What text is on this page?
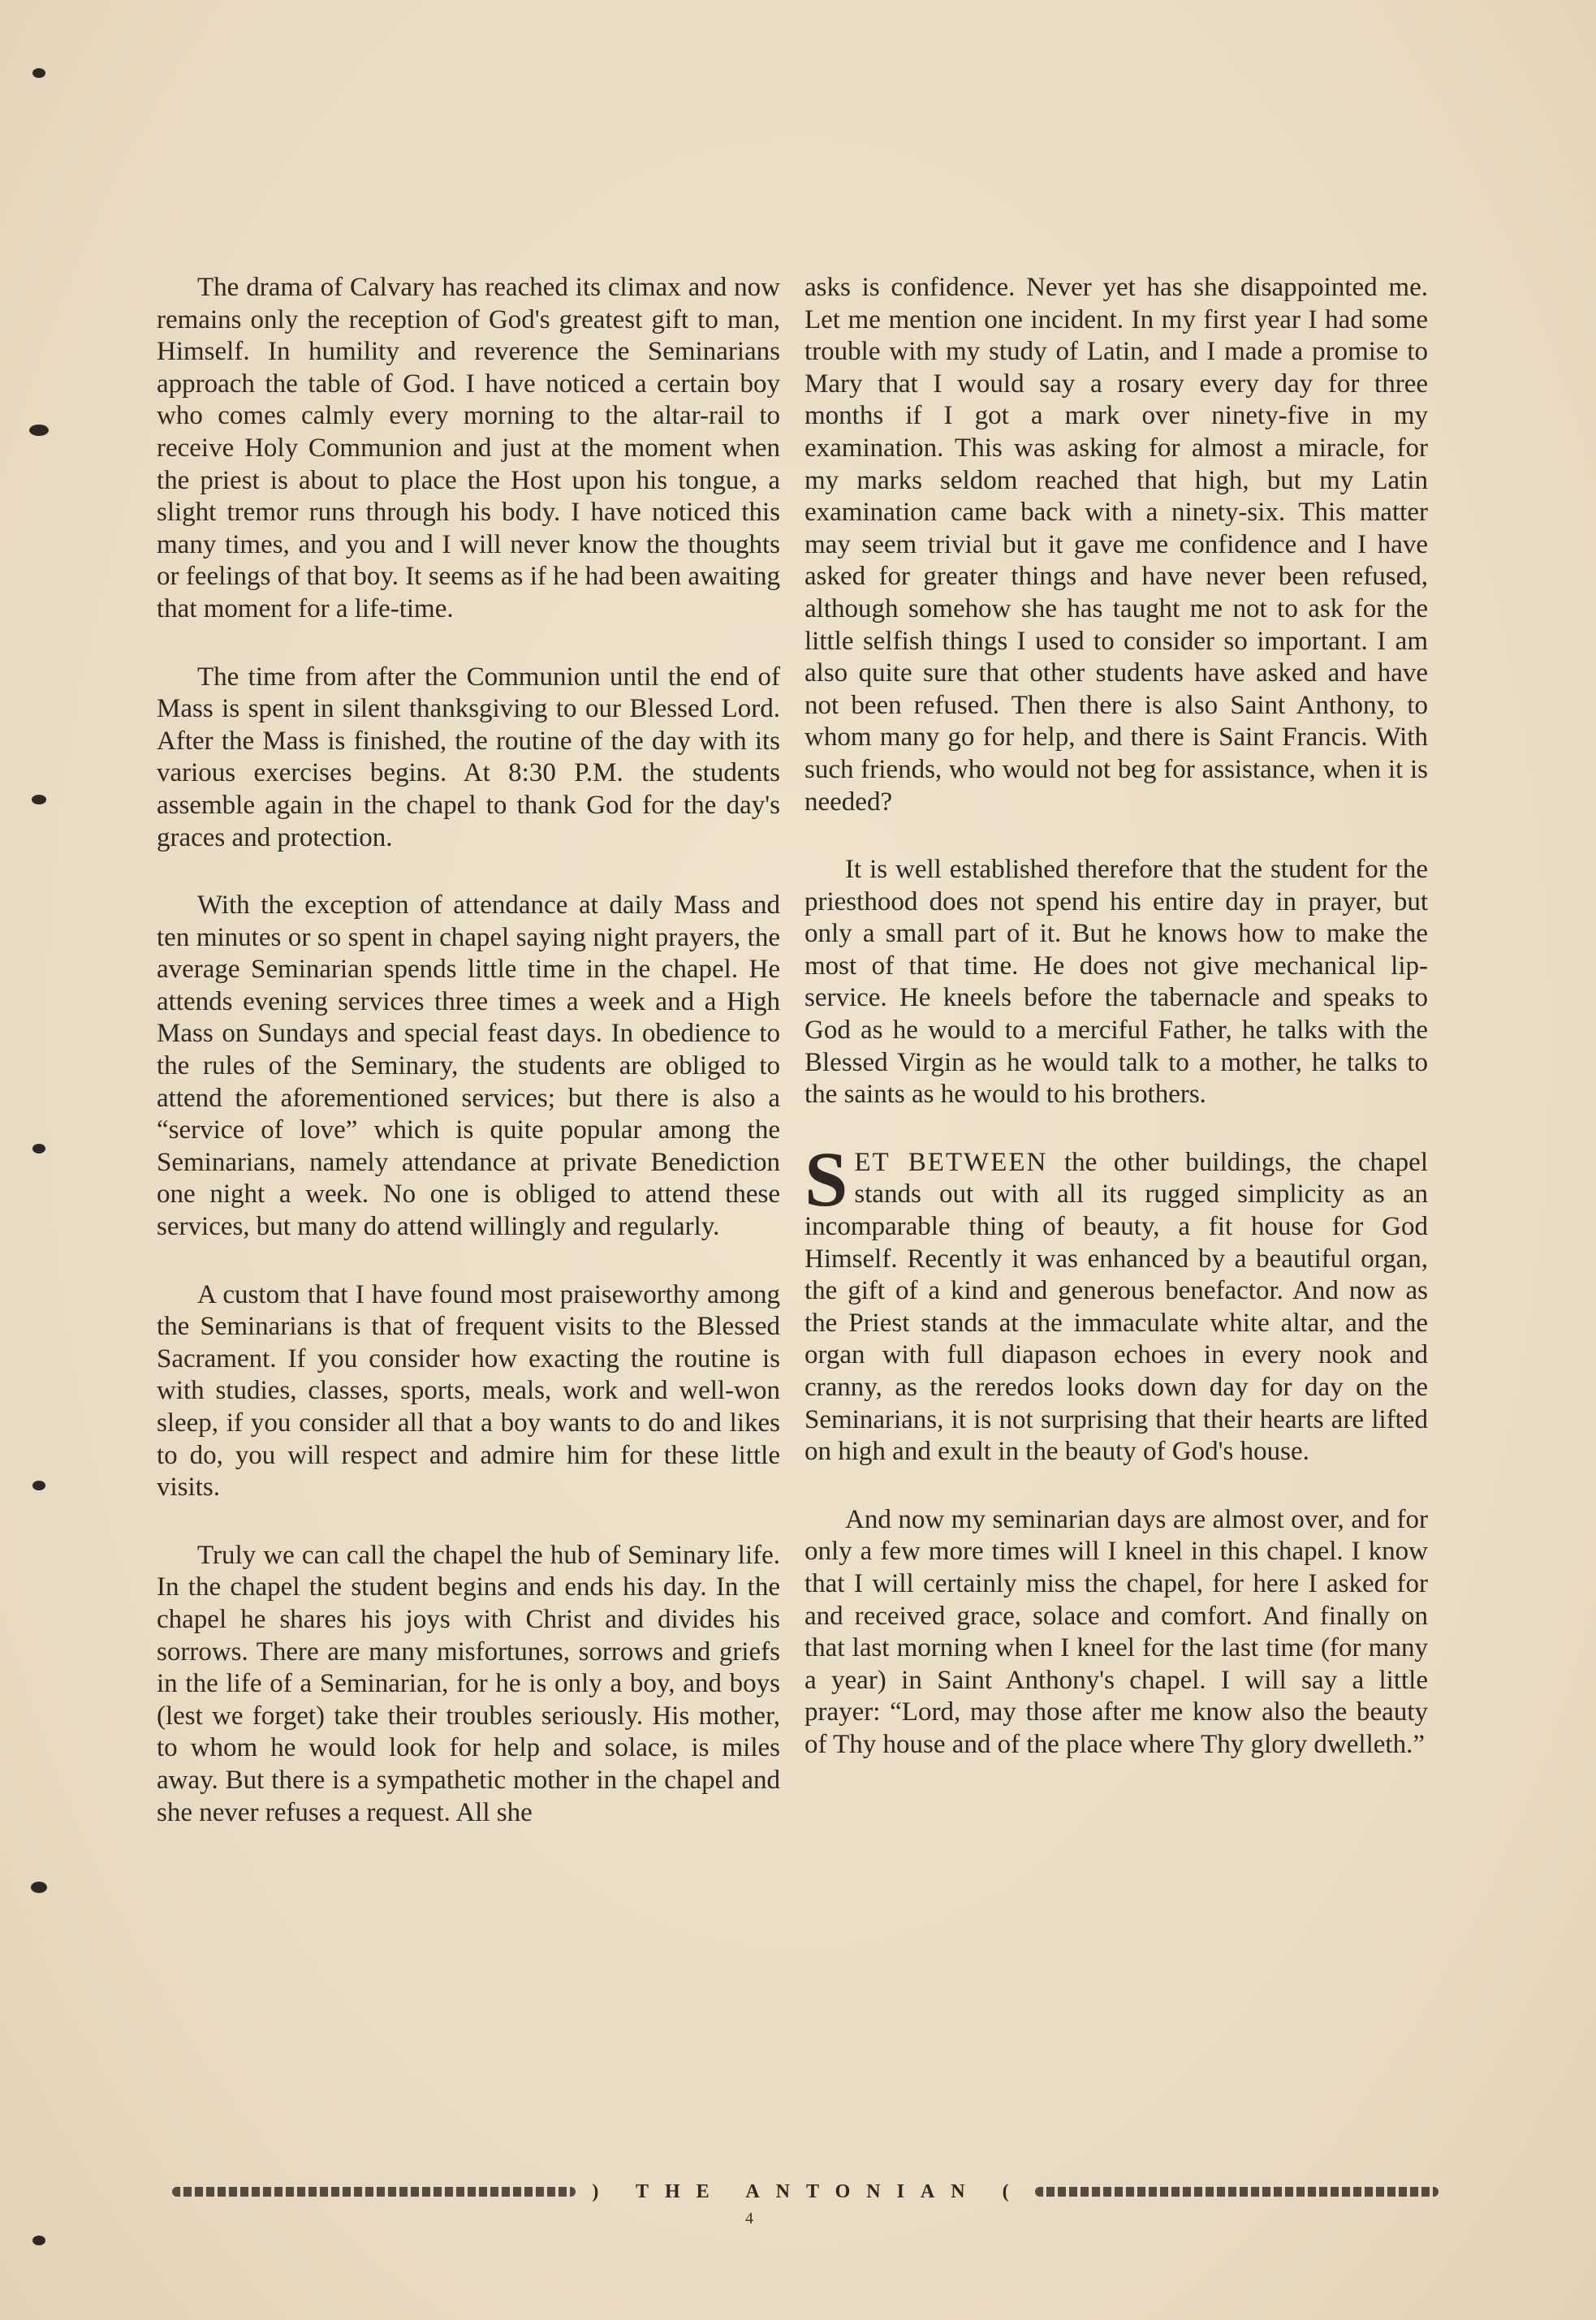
The drama of Calvary has reached its climax and now remains only the reception of God's greatest gift to man, Himself. In humility and reverence the Seminarians approach the table of God. I have noticed a certain boy who comes calmly every morning to the altar-rail to receive Holy Communion and just at the moment when the priest is about to place the Host upon his tongue, a slight tremor runs through his body. I have noticed this many times, and you and I will never know the thoughts or feelings of that boy. It seems as if he had been awaiting that moment for a life-time.

The time from after the Communion until the end of Mass is spent in silent thanksgiving to our Blessed Lord. After the Mass is finished, the routine of the day with its various exercises begins. At 8:30 P.M. the students assemble again in the chapel to thank God for the day's graces and protection.

With the exception of attendance at daily Mass and ten minutes or so spent in chapel saying night prayers, the average Seminarian spends little time in the chapel. He attends evening services three times a week and a High Mass on Sundays and special feast days. In obedience to the rules of the Seminary, the students are obliged to attend the aforementioned services; but there is also a “service of love” which is quite popular among the Seminarians, namely attendance at private Benediction one night a week. No one is obliged to attend these services, but many do attend willingly and regularly.

A custom that I have found most praiseworthy among the Seminarians is that of frequent visits to the Blessed Sacrament. If you consider how exacting the routine is with studies, classes, sports, meals, work and well-won sleep, if you consider all that a boy wants to do and likes to do, you will respect and admire him for these little visits.

Truly we can call the chapel the hub of Seminary life. In the chapel the student begins and ends his day. In the chapel he shares his joys with Christ and divides his sorrows. There are many misfortunes, sorrows and griefs in the life of a Seminarian, for he is only a boy, and boys (lest we forget) take their troubles seriously. His mother, to whom he would look for help and solace, is miles away. But there is a sympathetic mother in the chapel and she never refuses a request. All she

asks is confidence. Never yet has she disappointed me. Let me mention one incident. In my first year I had some trouble with my study of Latin, and I made a promise to Mary that I would say a rosary every day for three months if I got a mark over ninety-five in my examination. This was asking for almost a miracle, for my marks seldom reached that high, but my Latin examination came back with a ninety-six. This matter may seem trivial but it gave me confidence and I have asked for greater things and have never been refused, although somehow she has taught me not to ask for the little selfish things I used to consider so important. I am also quite sure that other students have asked and have not been refused. Then there is also Saint Anthony, to whom many go for help, and there is Saint Francis. With such friends, who would not beg for assistance, when it is needed?

It is well established therefore that the student for the priesthood does not spend his entire day in prayer, but only a small part of it. But he knows how to make the most of that time. He does not give mechanical lip-service. He kneels before the tabernacle and speaks to God as he would to a merciful Father, he talks with the Blessed Virgin as he would talk to a mother, he talks to the saints as he would to his brothers.

SET BETWEEN the other buildings, the chapel stands out with all its rugged simplicity as an incomparable thing of beauty, a fit house for God Himself. Recently it was enhanced by a beautiful organ, the gift of a kind and generous benefactor. And now as the Priest stands at the immaculate white altar, and the organ with full diapason echoes in every nook and cranny, as the reredos looks down day for day on the Seminarians, it is not surprising that their hearts are lifted on high and exult in the beauty of God's house.

And now my seminarian days are almost over, and for only a few more times will I kneel in this chapel. I know that I will certainly miss the chapel, for here I asked for and received grace, solace and comfort. And finally on that last morning when I kneel for the last time (for many a year) in Saint Anthony's chapel. I will say a little prayer: “Lord, may those after me know also the beauty of Thy house and of the place where Thy glory dwelleth.”

) THE ANTONIAN (
4
